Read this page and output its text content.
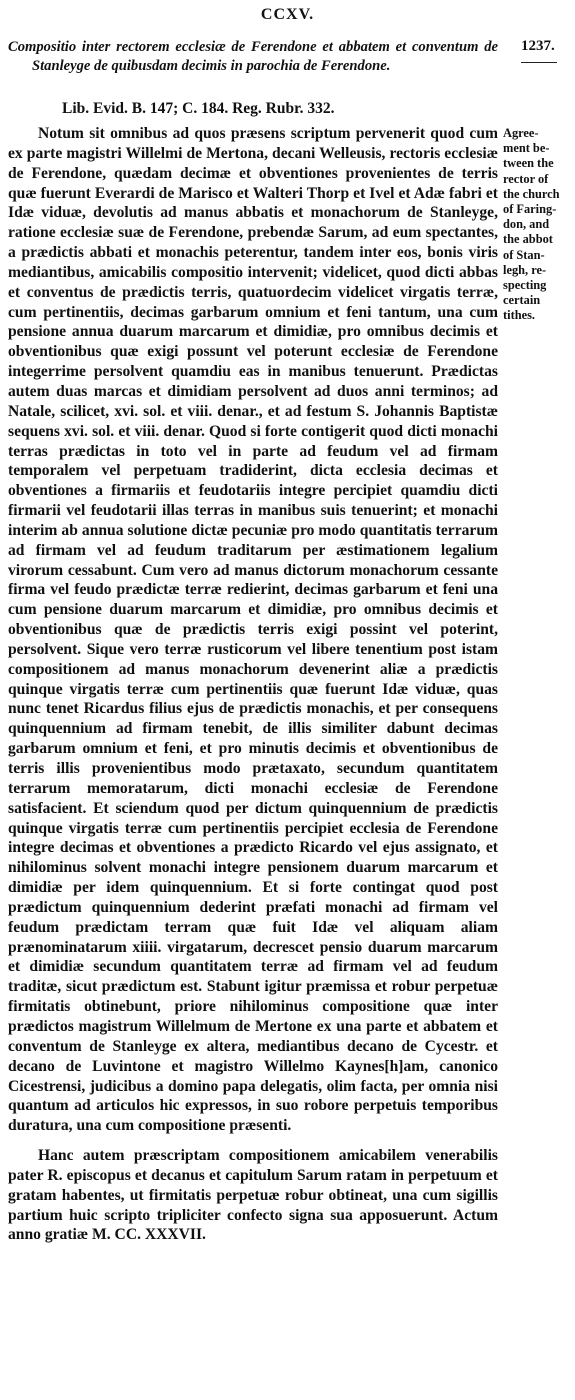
CCXV.

Compositio inter rectorem ecclesiæ de Ferendone et abbatem et conventum de Stanleyge de quibusdam decimis in parochia de Ferendone.

1237.
Lib. Evid. B. 147; C. 184. Reg. Rubr. 332.

Notum sit omnibus ad quos præsens scriptum pervenerit quod cum ex parte magistri Willelmi de Mertona, decani Welleusis, rectoris ecclesiæ de Ferendone, quædam decimæ et obventiones provenientes de terris quæ fuerunt Everardi de Marisco et Walteri Thorp et Ivel et Adæ fabri et Idæ viduæ, devolutis ad manus abbatis et monachorum de Stanleyge, ratione ecclesiæ suæ de Ferendone, prebendæ Sarum, ad eum spectantes, a prædictis abbati et monachis peterentur, tandem inter eos, bonis viris mediantibus, amicabilis compositio intervenit; videlicet, quod dicti abbas et conventus de prædictis terris, quatuordecim videlicet virgatis terræ, cum pertinentiis, decimas garbarum omnium et feni tantum, una cum pensione annua duarum marcarum et dimidiæ, pro omnibus decimis et obventionibus quæ exigi possunt vel poterunt ecclesiæ de Ferendone integerrime persolvent quamdiu eas in manibus tenuerunt. Prædictas autem duas marcas et dimidiam persolvent ad duos anni terminos; ad Natale, scilicet, xvi. sol. et viii. denar., et ad festum S. Johannis Baptistæ sequens xvi. sol. et viii. denar. Quod si forte contigerit quod dicti monachi terras prædictas in toto vel in parte ad feudum vel ad firmam temporalem vel perpetuam tradiderint, dicta ecclesia decimas et obventiones a firmariis et feudotariis integre percipiet quamdiu dicti firmarii vel feudotarii illas terras in manibus suis tenuerint; et monachi interim ab annua solutione dictæ pecuniæ pro modo quantitatis terrarum ad firmam vel ad feudum traditarum per æstimationem legalium virorum cessabunt. Cum vero ad manus dictorum monachorum cessante firma vel feudo prædictæ terræ redierint, decimas garbarum et feni una cum pensione duarum marcarum et dimidiæ, pro omnibus decimis et obventionibus quæ de prædictis terris exigi possint vel poterint, persolvent. Sique vero terræ rusticorum vel libere tenentium post istam compositionem ad manus monachorum devenerint aliæ a prædictis quinque virgatis terræ cum pertinentiis quæ fuerunt Idæ viduæ, quas nunc tenet Ricardus filius ejus de prædictis monachis, et per consequens quinquennium ad firmam tenebit, de illis similiter dabunt decimas garbarum omnium et feni, et pro minutis decimis et obventionibus de terris illis provenientibus modo prætaxato, secundum quantitatem terrarum memoratarum, dicti monachi ecclesiæ de Ferendone satisfacient. Et sciendum quod per dictum quinquennium de prædictis quinque virgatis terræ cum pertinentiis percipiet ecclesia de Ferendone integre decimas et obventiones a prædicto Ricardo vel ejus assignato, et nihilominus solvent monachi integre pensionem duarum marcarum et dimidiæ per idem quinquennium. Et si forte contingat quod post prædictum quinquennium dederint præfati monachi ad firmam vel feudum prædictam terram quæ fuit Idæ vel aliquam aliam prænominatarum xiiii. virgatarum, decrescet pensio duarum marcarum et dimidiæ secundum quantitatem terræ ad firmam vel ad feudum traditæ, sicut prædictum est. Stabunt igitur præmissa et robur perpetuæ firmitatis obtinebunt, priore nihilominus compositione quæ inter prædictos magistrum Willelmum de Mertone ex una parte et abbatem et conventum de Stanleyge ex altera, mediantibus decano de Cycestr. et decano de Luvintone et magistro Willelmo Kaynes[h]am, canonico Cicestrensi, judicibus a domino papa delegatis, olim facta, per omnia nisi quantum ad articulos hic expressos, in suo robore perpetuis temporibus duratura, una cum compositione præsenti.

Hanc autem præscriptam compositionem amicabilem venerabilis pater R. episcopus et decanus et capitulum Sarum ratam in perpetuum et gratam habentes, ut firmitatis perpetuæ robur obtineat, una cum sigillis partium huic scripto tripliciter confecto signa sua apposuerunt. Actum anno gratiæ M. CC. XXXVII.

Agree-
ment be-
tween the
rector of
the church
of Faring-
don, and
the abbot
of Stan-
legh, re-
specting
certain
tithes.
